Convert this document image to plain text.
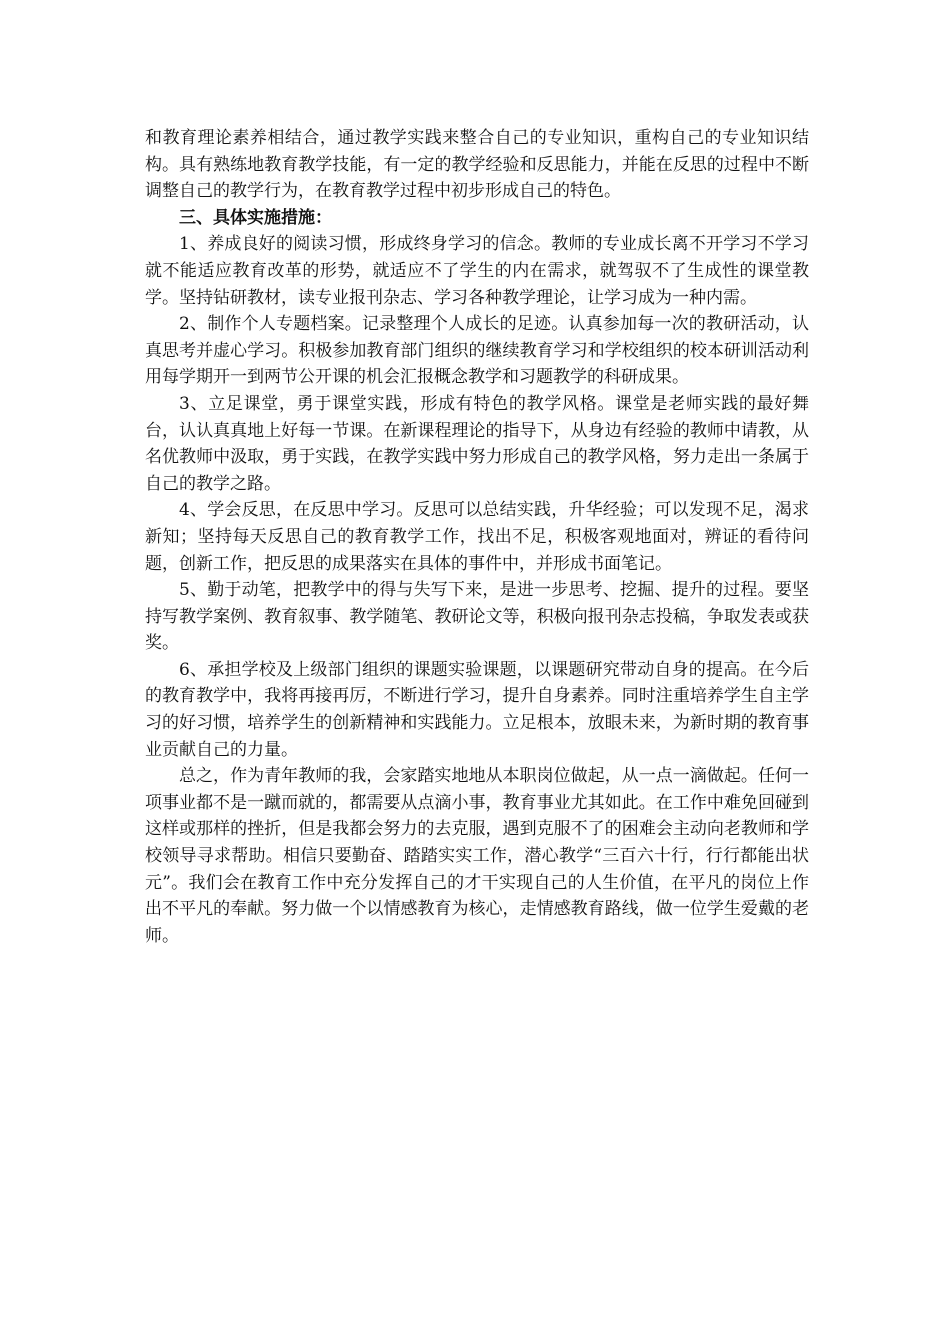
和教育理论素养相结合，通过教学实践来整合自己的专业知识，重构自己的专业知识结构。具有熟练地教育教学技能，有一定的教学经验和反思能力，并能在反思的过程中不断调整自己的教学行为，在教育教学过程中初步形成自己的特色。

三、具体实施措施：

1、养成良好的阅读习惯，形成终身学习的信念。教师的专业成长离不开学习不学习就不能适应教育改革的形势，就适应不了学生的内在需求，就驾驭不了生成性的课堂教学。坚持钻研教材，读专业报刊杂志、学习各种教学理论，让学习成为一种内需。

2、制作个人专题档案。记录整理个人成长的足迹。认真参加每一次的教研活动，认真思考并虚心学习。积极参加教育部门组织的继续教育学习和学校组织的校本研训活动利用每学期开一到两节公开课的机会汇报概念教学和习题教学的科研成果。

3、立足课堂，勇于课堂实践，形成有特色的教学风格。课堂是老师实践的最好舞台，认认真真地上好每一节课。在新课程理论的指导下，从身边有经验的教师中请教，从名优教师中汲取，勇于实践，在教学实践中努力形成自己的教学风格，努力走出一条属于自己的教学之路。

4、学会反思，在反思中学习。反思可以总结实践，升华经验；可以发现不足，渴求新知；坚持每天反思自己的教育教学工作，找出不足，积极客观地面对，辨证的看待问题，创新工作，把反思的成果落实在具体的事件中，并形成书面笔记。

5、勤于动笔，把教学中的得与失写下来，是进一步思考、挖掘、提升的过程。要坚持写教学案例、教育叙事、教学随笔、教研论文等，积极向报刊杂志投稿，争取发表或获奖。

6、承担学校及上级部门组织的课题实验课题，以课题研究带动自身的提高。在今后的教育教学中，我将再接再厉，不断进行学习，提升自身素养。同时注重培养学生自主学习的好习惯，培养学生的创新精神和实践能力。立足根本，放眼未来，为新时期的教育事业贡献自己的力量。

总之，作为青年教师的我，会家踏实地地从本职岗位做起，从一点一滴做起。任何一项事业都不是一蹴而就的，都需要从点滴小事，教育事业尤其如此。在工作中难免回碰到这样或那样的挫折，但是我都会努力的去克服，遇到克服不了的困难会主动向老教师和学校领导寻求帮助。相信只要勤奋、踏踏实实工作，潜心教学“三百六十行，行行都能出状元”。我们会在教育工作中充分发挥自己的才干实现自己的人生价值，在平凡的岗位上作出不平凡的奉献。努力做一个以情感教育为核心，走情感教育路线，做一位学生爱戴的老师。
